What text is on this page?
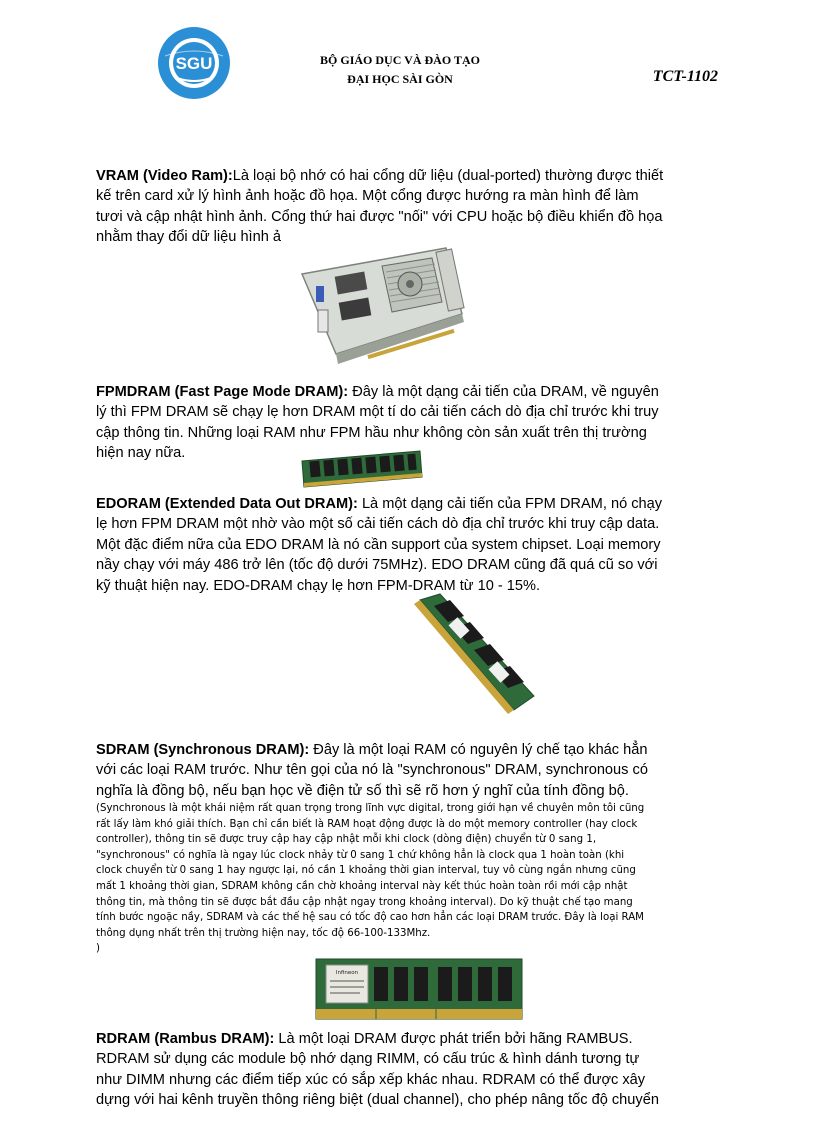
SGU	BỘ GIÁO DỤC VÀ ĐÀO TẠO
ĐẠI HỌC SÀI GÒN	TCT-1102
VRAM (Video Ram):Là loại bộ nhớ có hai cổng dữ liệu (dual-ported) thường được thiết
kế trên card xử lý hình ảnh hoặc đồ họa. Một cổng được hướng ra màn hình để làm
tươi và cập nhật hình ảnh. Cổng thứ hai được "nối" với CPU hoặc bộ điều khiển đồ họa
nhằm thay đổi dữ liệu hình ả
FPMDRAM (Fast Page Mode DRAM): Đây là một dạng cải tiến của DRAM, về nguyên
lý thì FPM DRAM sẽ chạy lẹ hơn DRAM một tí do cải tiến cách dò địa chỉ trước khi truy
cập thông tin. Những loại RAM như FPM hầu như không còn sản xuất trên thị trường
hiện nay nữa.
EDORAM (Extended Data Out DRAM): Là một dạng cải tiến của FPM DRAM, nó chạy
lẹ hơn FPM DRAM một nhờ vào một số cải tiến cách dò địa chỉ trước khi truy cập data.
Một đặc điểm nữa của EDO DRAM là nó cần support của system chipset. Loại memory
nầy chạy với máy 486 trở lên (tốc độ dưới 75MHz). EDO DRAM cũng đã quá cũ so với
kỹ thuật hiện nay. EDO-DRAM chạy lẹ hơn FPM-DRAM từ 10 - 15%.
SDRAM (Synchronous DRAM): Đây là một loại RAM có nguyên lý chế tạo khác hẳn
với các loại RAM trước. Như tên gọi của nó là "synchronous" DRAM, synchronous có
nghĩa là đồng bộ, nếu bạn học về điện tử số thì sẽ rõ hơn ý nghĩ của tính đồng bộ.
(Synchronous là một khái niệm rất quan trọng trong lĩnh vực digital, trong giới hạn về chuyên môn tôi cũng
rất lấy làm khó giải thích. Bạn chỉ cần biết là RAM hoạt động được là do một memory controller (hay clock
controller), thông tin sẽ được truy cập hay cập nhật mỗi khi clock (dòng điện) chuyển từ 0 sang 1,
"synchronous" có nghĩa là ngay lúc clock nhảy từ 0 sang 1 chứ không hẳn là clock qua 1 hoàn toàn (khi
clock chuyển từ 0 sang 1 hay ngược lại, nó cần 1 khoảng thời gian interval, tuy vô cùng ngắn nhưng cũng
mất 1 khoảng thời gian, SDRAM không cần chờ khoảng interval này kết thúc hoàn toàn rồi mới cập nhật
thông tin, mà thông tin sẽ được bắt đầu cập nhật ngay trong khoảng interval). Do kỹ thuật chế tạo mang
tính bước ngoặc nầy, SDRAM và các thế hệ sau có tốc độ cao hơn hẳn các loại DRAM trước. Đây là loại RAM
thông dụng nhất trên thị trường hiện nay, tốc độ 66-100-133Mhz.
)
Infineon
RDRAM (Rambus DRAM): Là một loại DRAM được phát triển bởi hãng RAMBUS.
RDRAM sử dụng các module bộ nhớ dạng RIMM, có cấu trúc & hình dánh tương tự
như DIMM nhưng các điểm tiếp xúc có sắp xếp khác nhau. RDRAM có thể được xây
dựng với hai kênh truyền thông riêng biệt (dual channel), cho phép nâng tốc độ chuyển
